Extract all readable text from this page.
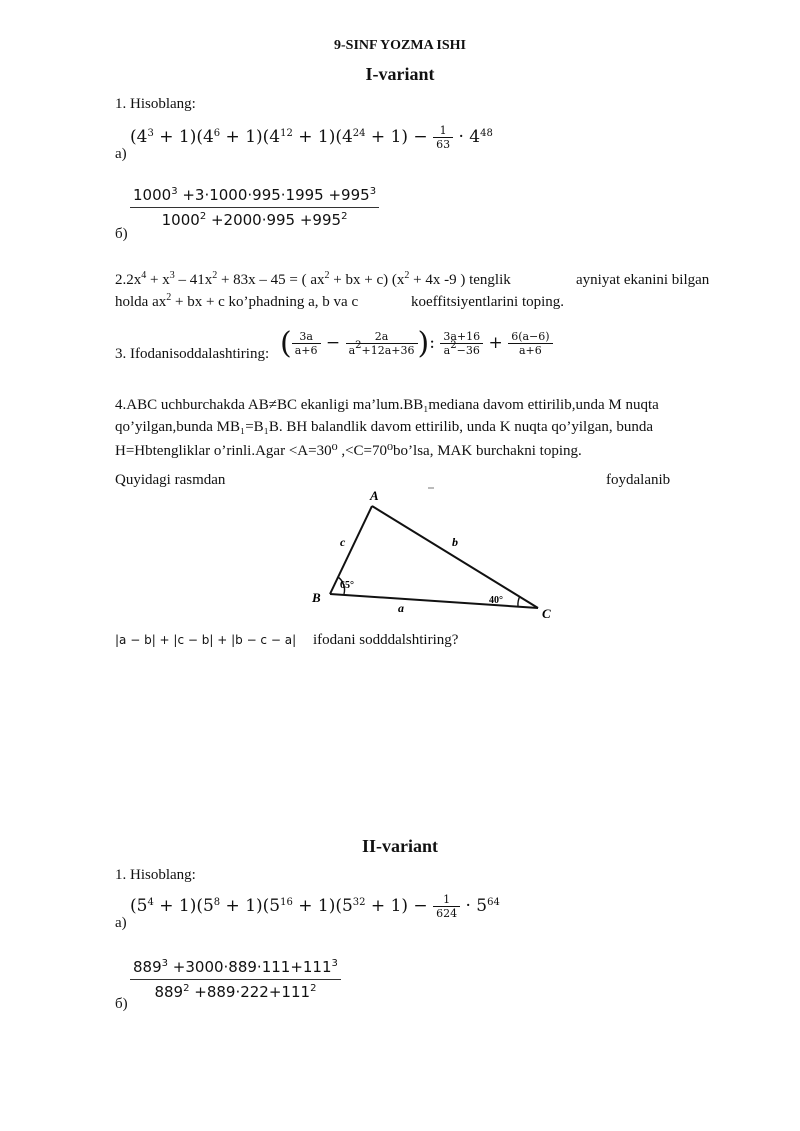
9-SINF YOZMA ISHI
I-variant
1. Hisoblang:
а)
$(4^3 + 1)(4^6 + 1)(4^{12} + 1)(4^{24} + 1) - \frac{1}{63} \cdot 4^{48}$
$\frac{1000^3 +3\cdot 1000\cdot 995\cdot 1995 +995^3}{1000^2 +2000\cdot 995 +995^2}$
б)
$2.2x^4 + x^3 - 41x^2 + 83x - 45$ = ( $ax^2$ + bx + c) ($x^2 + 4x$ -9 ) tenglik	ayniyat ekanini bilgan
holda $ax^2$ + bx + c ko’phadning a, b va c	koeffitsiyentlarini toping.
3. Ifodanisoddalashtiring: ( $\frac{3a}{a+6} - \frac{2a}{a^2+12a+36}$ ): $\frac{3a+16}{a^2-36} + \frac{6(a-6)}{a+6}$
4.ABC uchburchakda AB≠BC ekanligi ma’lum.BB₁mediana davom ettirilib,unda M nuqta
qo’yilgan,bunda MB₁=B₁B. BH balandlik davom ettirilib, unda K nuqta qo’yilgan, bunda
H=Hbtengliklar o’rinli.Agar <A=30⁰ ,<C=70⁰bo’lsa, MAK burchakni toping.
Quyidagi rasmdan	foydalanib
A
B
C
a
b
c
65°
40°
|a − b| + |c − b| + |b − c − a| ifodani sodddalshtiring?
II-variant
1. Hisoblang:
$(5^4 + 1)(5^8 + 1)(5^{16} + 1)(5^{32} + 1) - \frac{1}{624} \cdot 5^{64}$
а)
$\frac{889^3 +3000\cdot 889\cdot 111+111^3}{889^2 +889\cdot 222+111^2}$
б)
